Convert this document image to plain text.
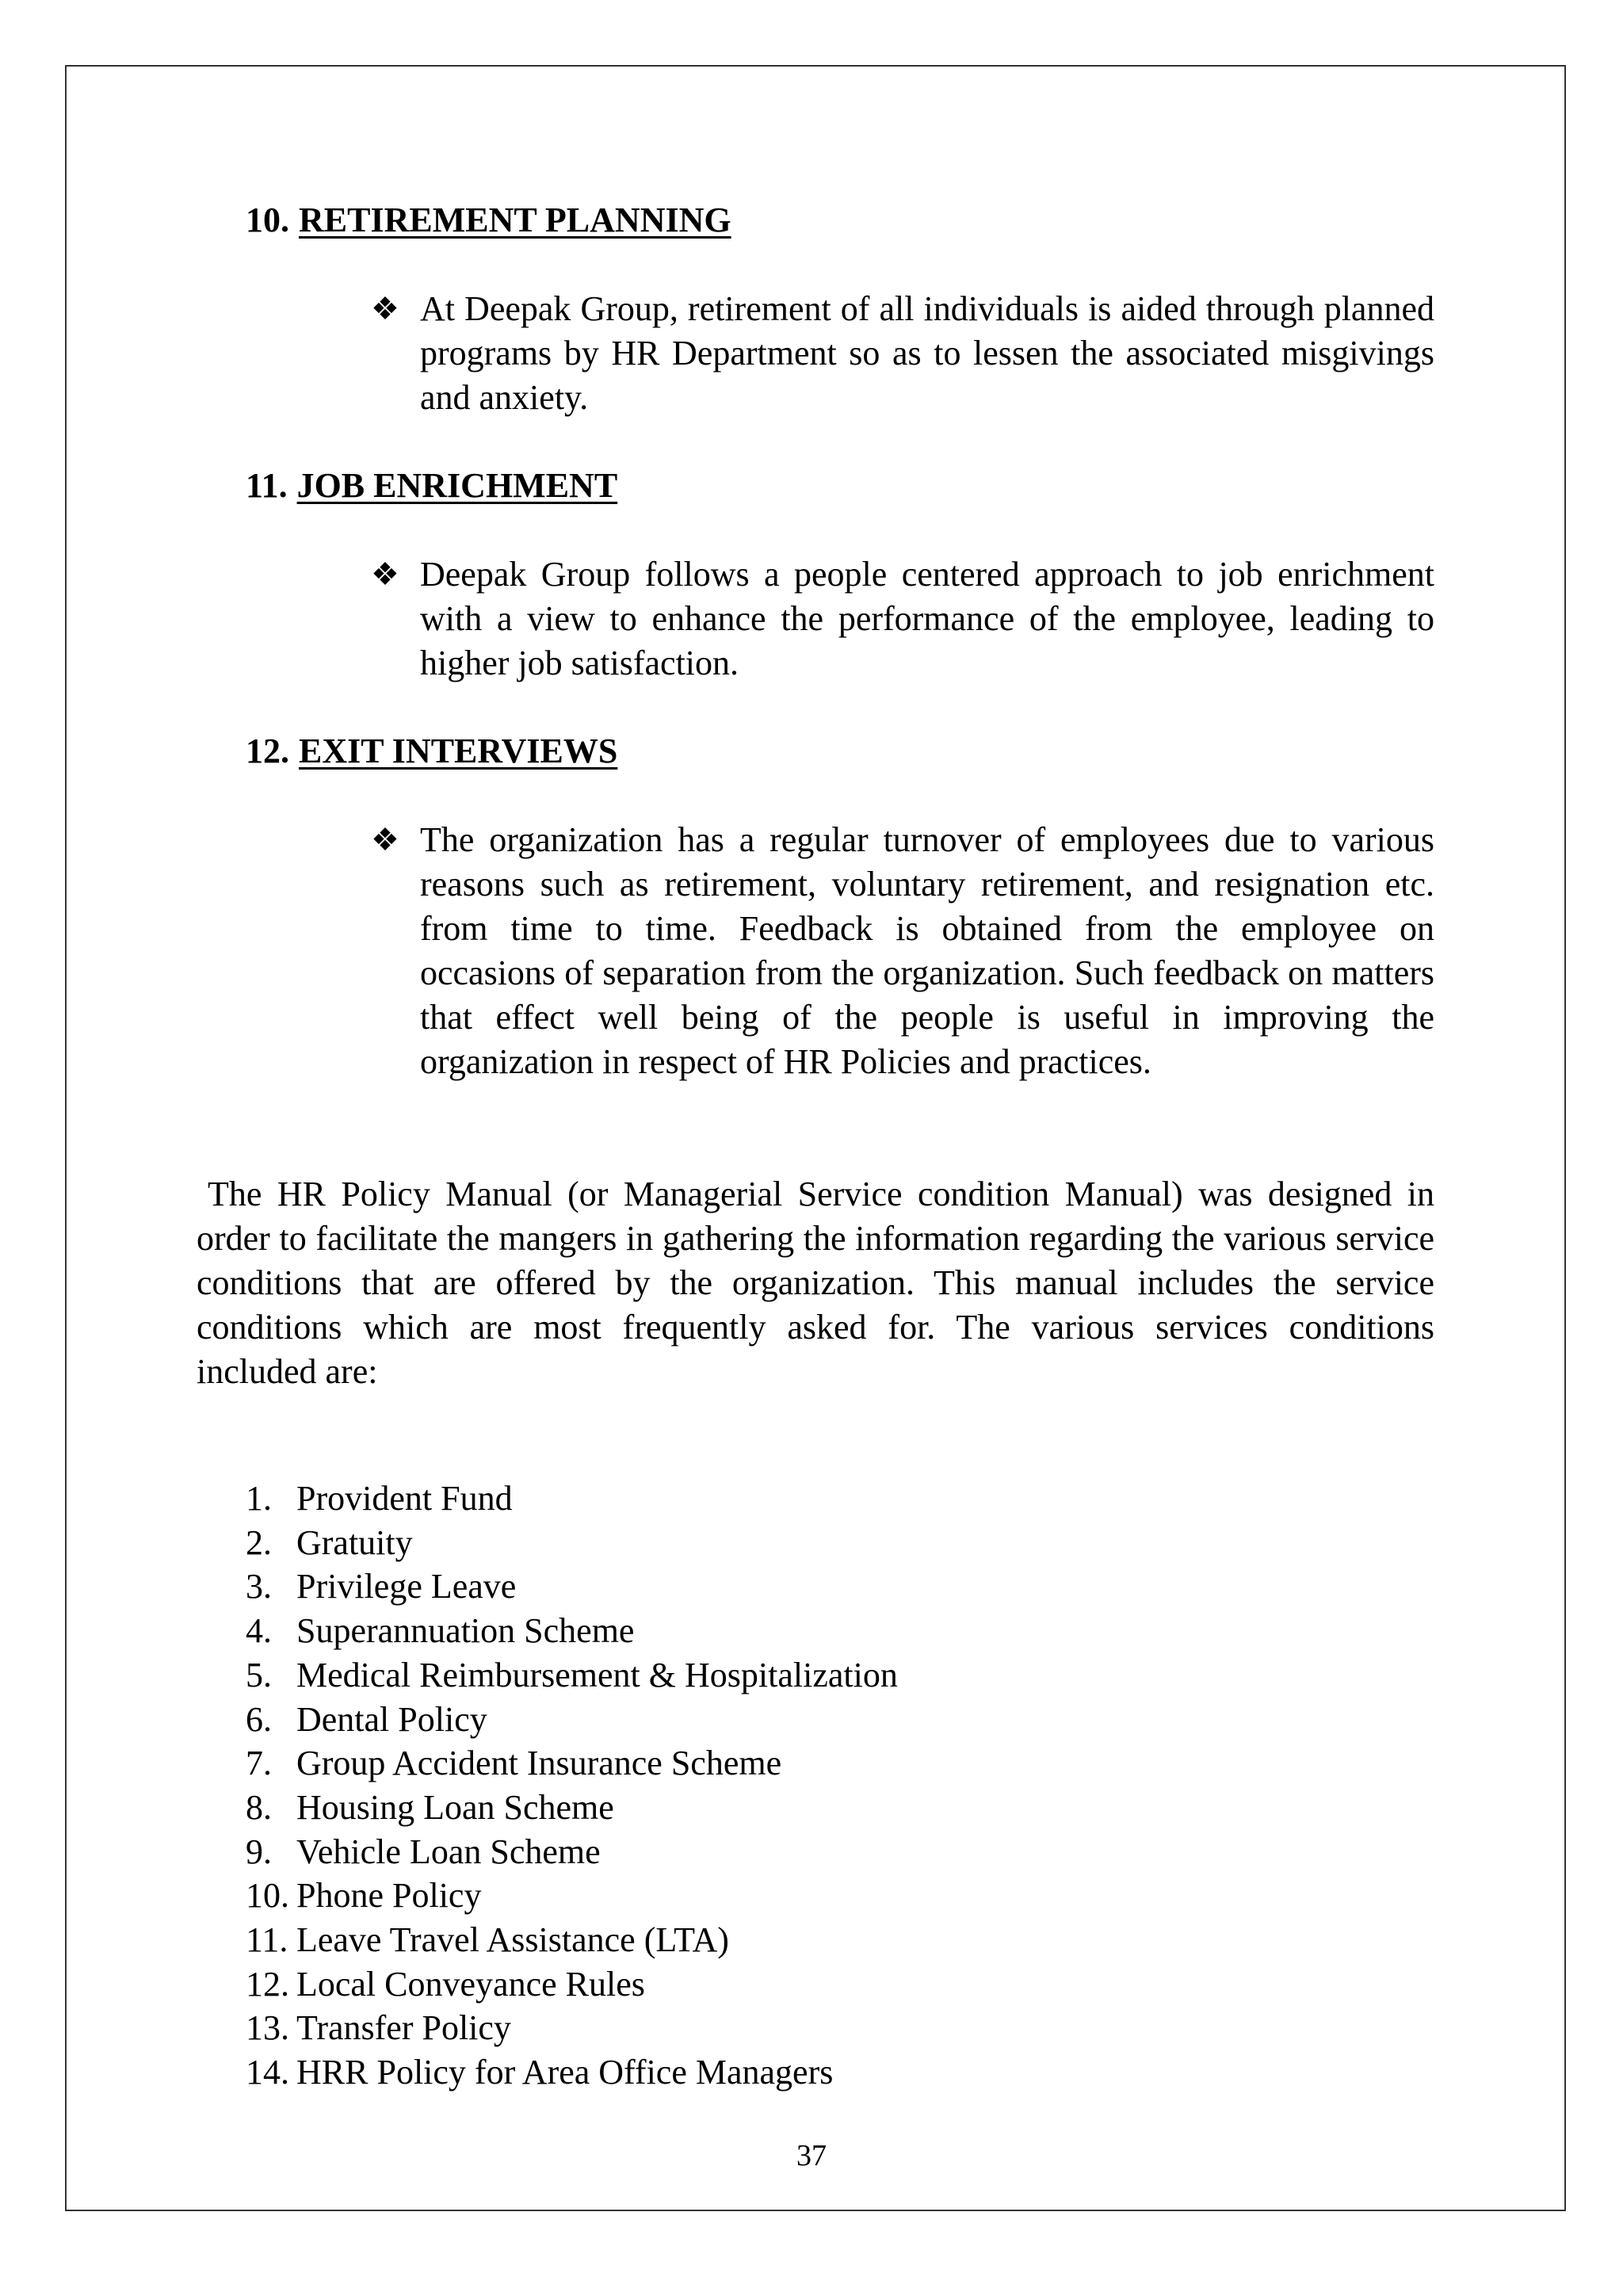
10. RETIREMENT PLANNING
❖ At Deepak Group, retirement of all individuals is aided through planned programs by HR Department so as to lessen the associated misgivings and anxiety.
11. JOB ENRICHMENT
❖ Deepak Group follows a people centered approach to job enrichment with a view to enhance the performance of the employee, leading to higher job satisfaction.
12. EXIT INTERVIEWS
❖ The organization has a regular turnover of employees due to various reasons such as retirement, voluntary retirement, and resignation etc. from time to time. Feedback is obtained from the employee on occasions of separation from the organization. Such feedback on matters that effect well being of the people is useful in improving the organization in respect of HR Policies and practices.
The HR Policy Manual (or Managerial Service condition Manual) was designed in order to facilitate the mangers in gathering the information regarding the various service conditions that are offered by the organization. This manual includes the service conditions which are most frequently asked for. The various services conditions included are:
1. Provident Fund
2. Gratuity
3. Privilege Leave
4. Superannuation Scheme
5. Medical Reimbursement & Hospitalization
6. Dental Policy
7. Group Accident Insurance Scheme
8. Housing Loan Scheme
9. Vehicle Loan Scheme
10. Phone Policy
11. Leave Travel Assistance (LTA)
12. Local Conveyance Rules
13. Transfer Policy
14. HRR Policy for Area Office Managers
37
